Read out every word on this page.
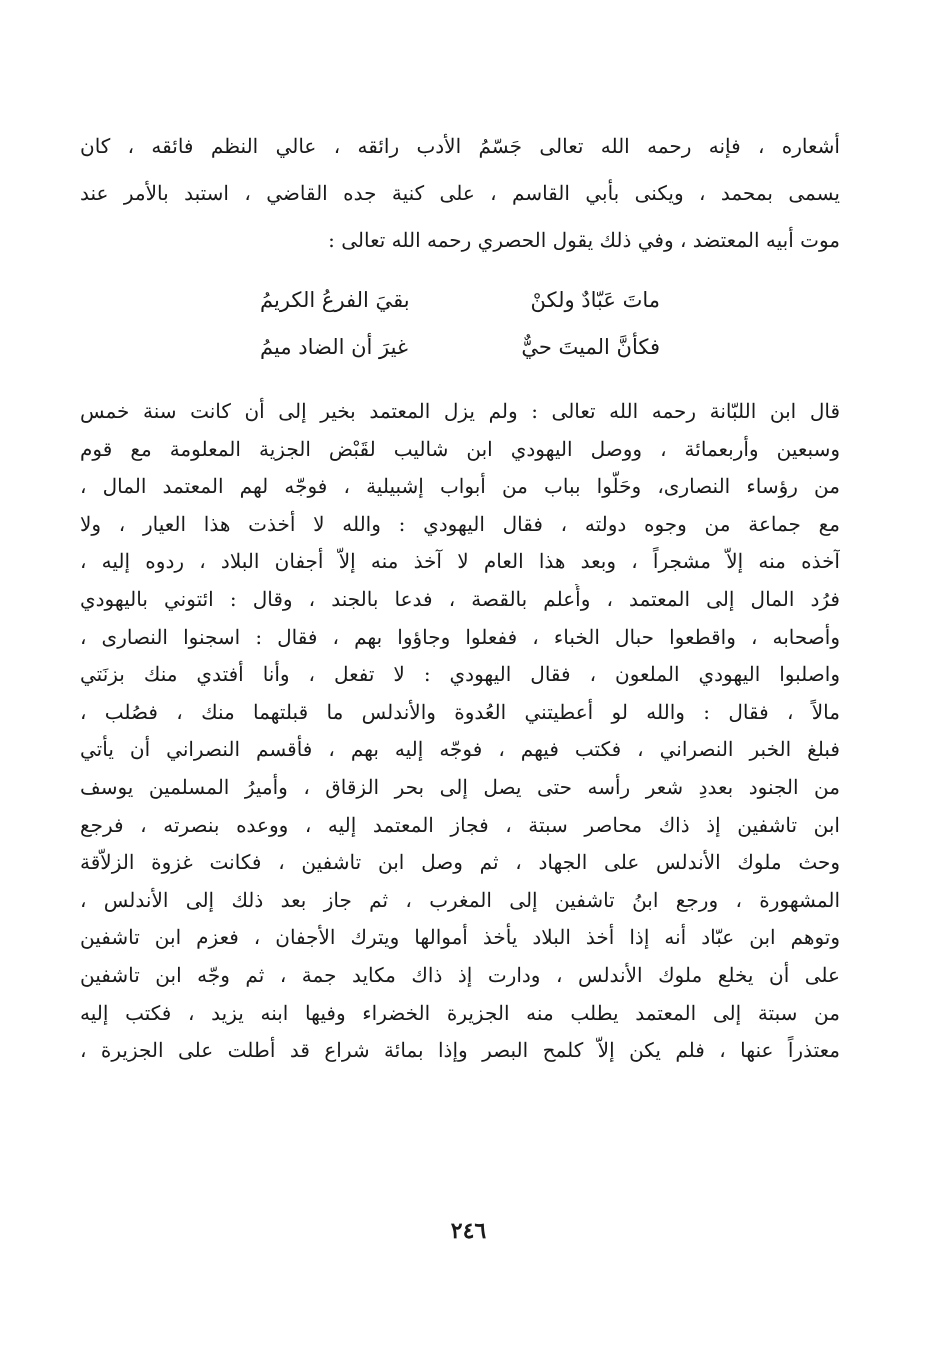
أشعاره ، فإنه رحمه الله تعالى جَسّمُ الأدب رائقه ، عالي النظم فائقه ، كان
يسمى بمحمد ، ويكنى بأبي القاسم ، على كنية جده القاضي ، استبد بالأمر عند
موت أبيه المعتضد ، وفي ذلك يقول الحصري رحمه الله تعالى :
ماتَ عَبّادٌ ولكنْ
بقيَ الفرعُ الكريمُ
فكأنَّ الميتَ حيٌّ
غيرَ أن الضاد ميمُ
قال ابن اللبّانة رحمه الله تعالى : ولم يزل المعتمد بخير إلى أن كانت سنة خمس
وسبعين وأربعمائة ، ووصل اليهودي ابن شاليب لقَبْض الجزية المعلومة مع قوم
من رؤساء النصارى، وحَلّوا بباب من أبواب إشبيلية ، فوجّه لهم المعتمد المال ،
مع جماعة من وجوه دولته ، فقال اليهودي : والله لا أخذت هذا العيار ، ولا
آخذه منه إلاّ مشجراً ، وبعد هذا العام لا آخذ منه إلاّ أجفان البلاد ، ردوه إليه ،
فرُد المال إلى المعتمد ، وأُعلم بالقصة ، فدعا بالجند ، وقال : ائتوني باليهودي
وأصحابه ، واقطعوا حبال الخباء ، ففعلوا وجاؤوا بهم ، فقال : اسجنوا النصارى ،
واصلبوا اليهودي الملعون ، فقال اليهودي : لا تفعل ، وأنا أفتدي منك بزنَتي
مالاً ، فقال : والله لو أعطيتني العُدوة والأندلس ما قبلتهما منك ، فصُلب ،
فبلغ الخبر النصراني ، فكتب فيهم ، فوجّه إليه بهم ، فأقسم النصراني أن يأتي
من الجنود بعددِ شعر رأسه حتى يصل إلى بحر الزقاق ، وأميرُ المسلمين يوسف
ابن تاشفين إذ ذاك محاصر سبتة ، فجاز المعتمد إليه ، ووعده بنصرته ، فرجع
وحث ملوك الأندلس على الجهاد ، ثم وصل ابن تاشفين ، فكانت غزوة الزلاّقة
المشهورة ، ورجع ابنُ تاشفين إلى المغرب ، ثم جاز بعد ذلك إلى الأندلس ،
وتوهم ابن عبّاد أنه إذا أخذ البلاد يأخذ أموالها ويترك الأجفان ، فعزم ابن تاشفين
على أن يخلع ملوك الأندلس ، ودارت إذ ذاك مكايد جمة ، ثم وجّه ابن تاشفين
من سبتة إلى المعتمد يطلب منه الجزيرة الخضراء وفيها ابنه يزيد ، فكتب إليه
معتذراً عنها ، فلم يكن إلاّ كلمح البصر وإذا بمائة شراع قد أطلت على الجزيرة ،
٢٤٦
